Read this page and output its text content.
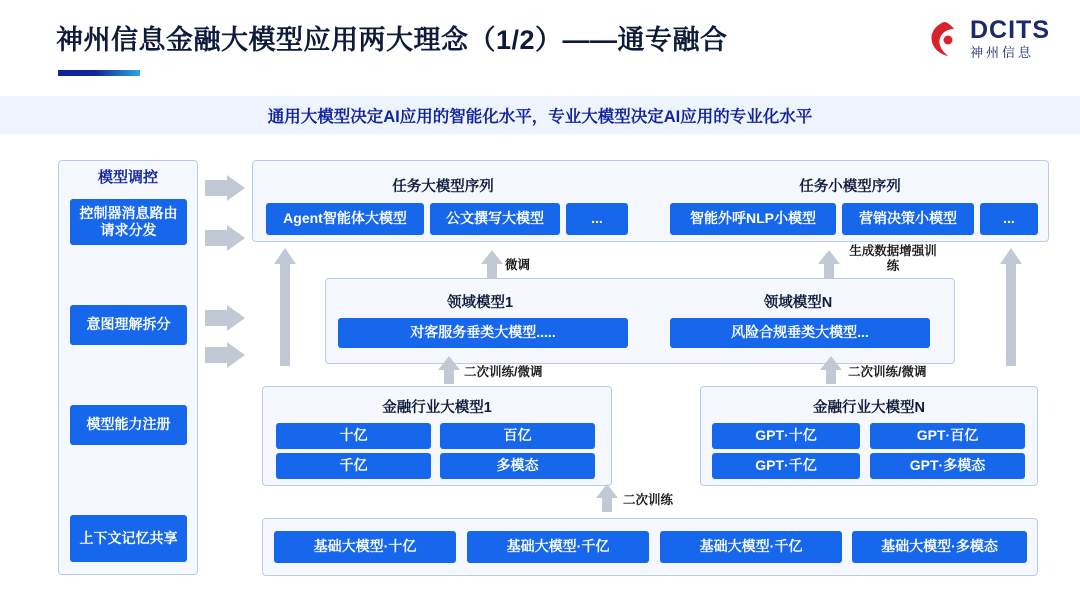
神州信息金融大模型应用两大理念（1/2）——通专融合	DCITS
神州信息
通用大模型决定AI应用的智能化水平，专业大模型决定AI应用的专业化水平
模型调控
控制器消息路由请求分发
意图理解拆分
模型能力注册
上下文记忆共享
任务大模型序列
Agent智能体大模型	公文撰写大模型	...
任务小模型序列
智能外呼NLP小模型	营销决策小模型	...
微调
生成数据增强训练
领域模型1
对客服务垂类大模型.....
领域模型N
风险合规垂类大模型...
二次训练/微调	二次训练/微调
金融行业大模型1
十亿	百亿
千亿	多模态
金融行业大模型N
GPT·十亿	GPT·百亿
GPT·千亿	GPT·多模态
二次训练
基础大模型·十亿	基础大模型·千亿	基础大模型·千亿	基础大模型·多模态
